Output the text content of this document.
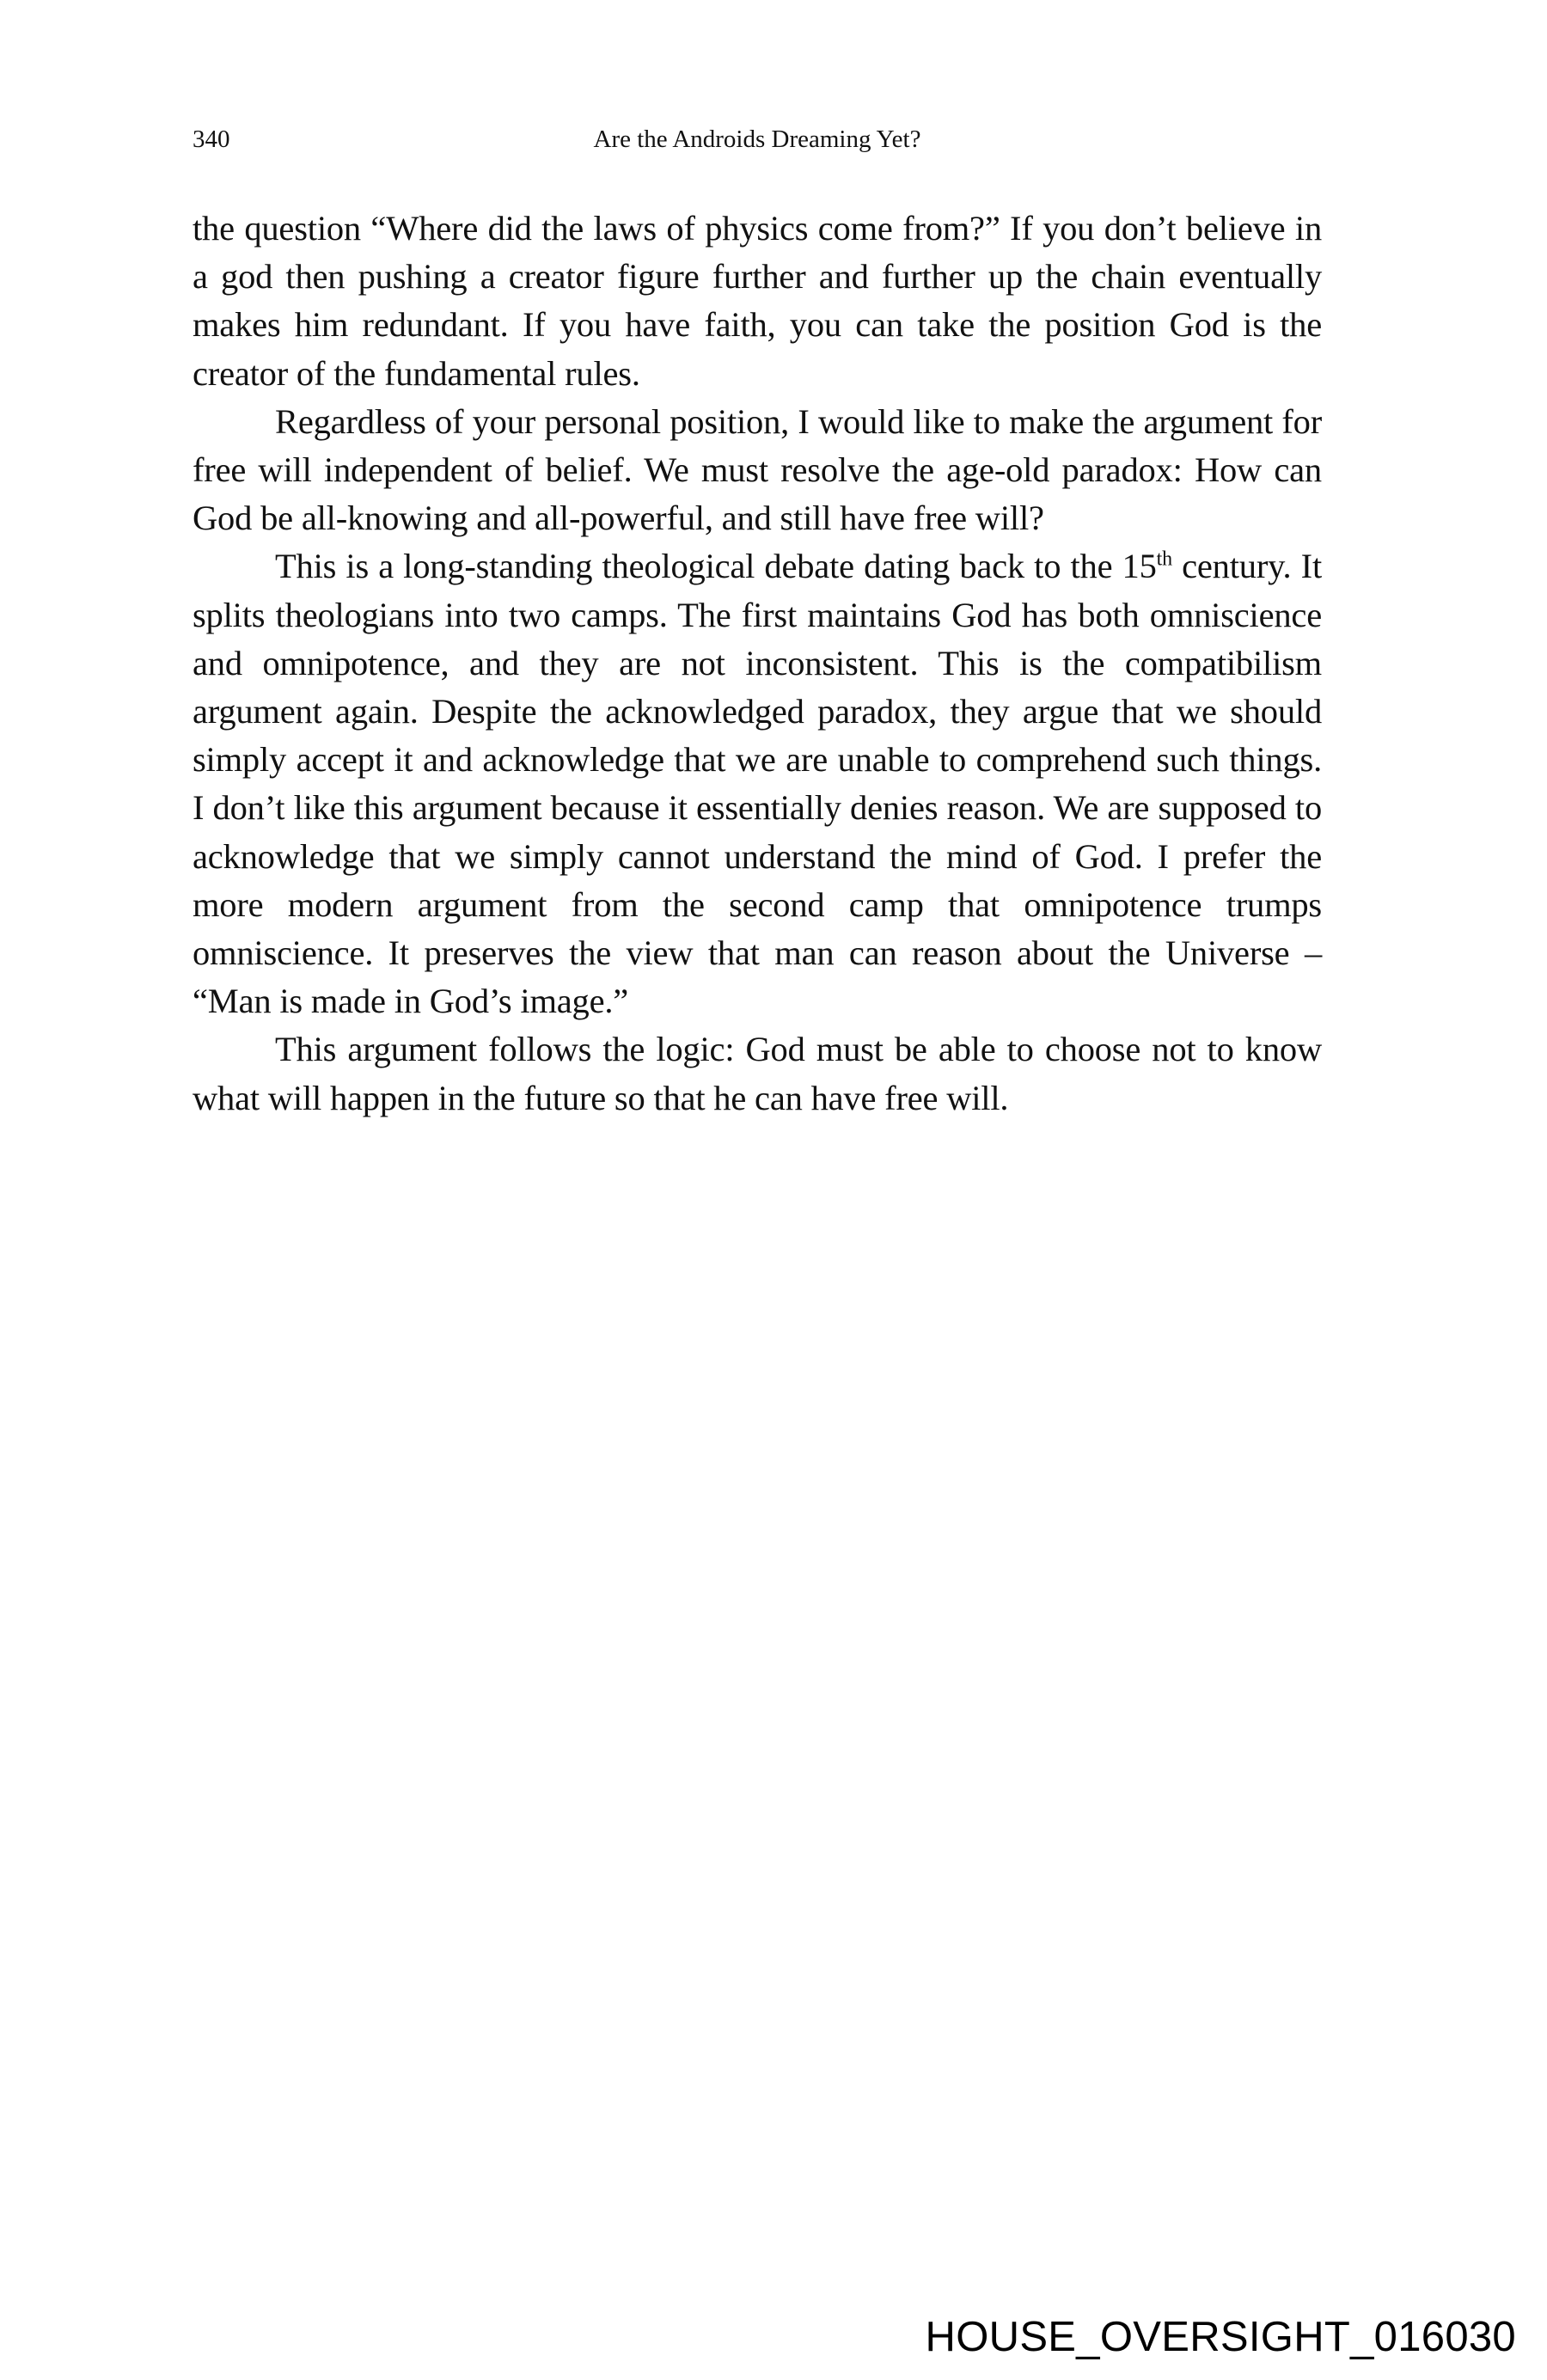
340	Are the Androids Dreaming Yet?

the question “Where did the laws of physics come from?” If you don’t believe in a god then pushing a creator figure further and further up the chain eventually makes him redundant. If you have faith, you can take the position God is the creator of the fundamental rules.

Regardless of your personal position, I would like to make the argument for free will independent of belief. We must resolve the age-old paradox: How can God be all-knowing and all-powerful, and still have free will?

This is a long-standing theological debate dating back to the 15th century. It splits theologians into two camps. The first maintains God has both omniscience and omnipotence, and they are not inconsistent. This is the compatibilism argument again. Despite the acknowledged paradox, they argue that we should simply accept it and acknowledge that we are unable to comprehend such things. I don’t like this argument because it essentially denies reason. We are supposed to acknowledge that we simply cannot understand the mind of God. I prefer the more modern argument from the second camp that omnipotence trumps omniscience. It preserves the view that man can reason about the Universe – “Man is made in God’s image.”

This argument follows the logic: God must be able to choose not to know what will happen in the future so that he can have free will.

HOUSE_OVERSIGHT_016030
